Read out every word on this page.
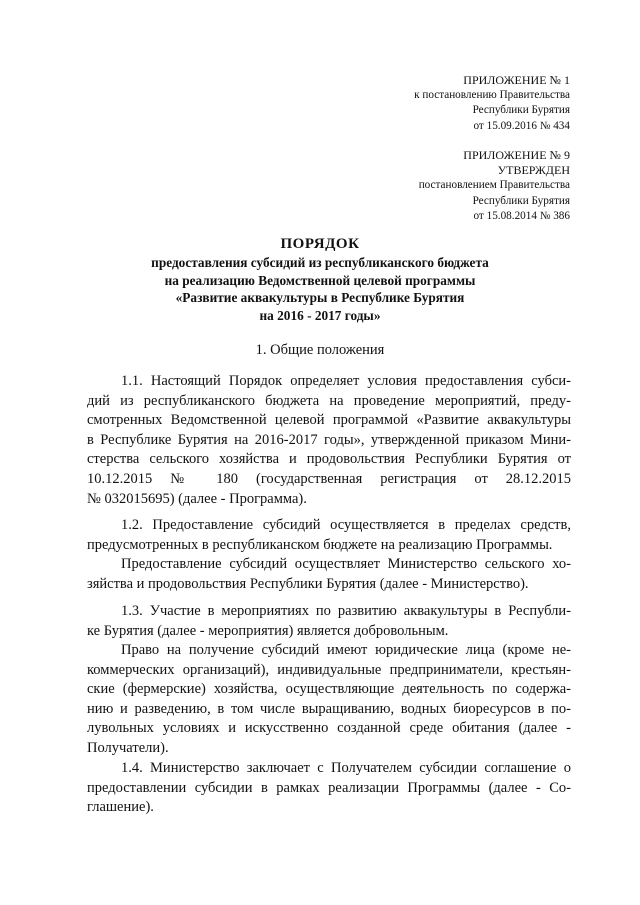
ПРИЛОЖЕНИЕ № 1
к постановлению Правительства
Республики Бурятия
от 15.09.2016 № 434
ПРИЛОЖЕНИЕ № 9
УТВЕРЖДЕН
постановлением Правительства
Республики Бурятия
от 15.08.2014 № 386
ПОРЯДОК
предоставления субсидий из республиканского бюджета
на реализацию Ведомственной целевой программы
«Развитие аквакультуры в Республике Бурятия
на 2016 - 2017 годы»
1. Общие положения
1.1. Настоящий Порядок определяет условия предоставления субси-
дий из республиканского бюджета на проведение мероприятий, преду-
смотренных Ведомственной целевой программой «Развитие аквакультуры
в Республике Бурятия на 2016-2017 годы», утвержденной приказом Мини-
стерства сельского хозяйства и продовольствия Республики Бурятия от
10.12.2015 № 180 (государственная регистрация от 28.12.2015
№ 032015695) (далее - Программа).
1.2. Предоставление субсидий осуществляется в пределах средств,
предусмотренных в республиканском бюджете на реализацию Программы.
Предоставление субсидий осуществляет Министерство сельского хо-
зяйства и продовольствия Республики Бурятия (далее - Министерство).
1.3. Участие в мероприятиях по развитию аквакультуры в Республи-
ке Бурятия (далее - мероприятия) является добровольным.
Право на получение субсидий имеют юридические лица (кроме не-
коммерческих организаций), индивидуальные предприниматели, крестьян-
ские (фермерские) хозяйства, осуществляющие деятельность по содержа-
нию и разведению, в том числе выращиванию, водных биоресурсов в по-
лувольных условиях и искусственно созданной среде обитания (далее -
Получатели).
1.4. Министерство заключает с Получателем субсидии соглашение о
предоставлении субсидии в рамках реализации Программы (далее - Со-
глашение).
